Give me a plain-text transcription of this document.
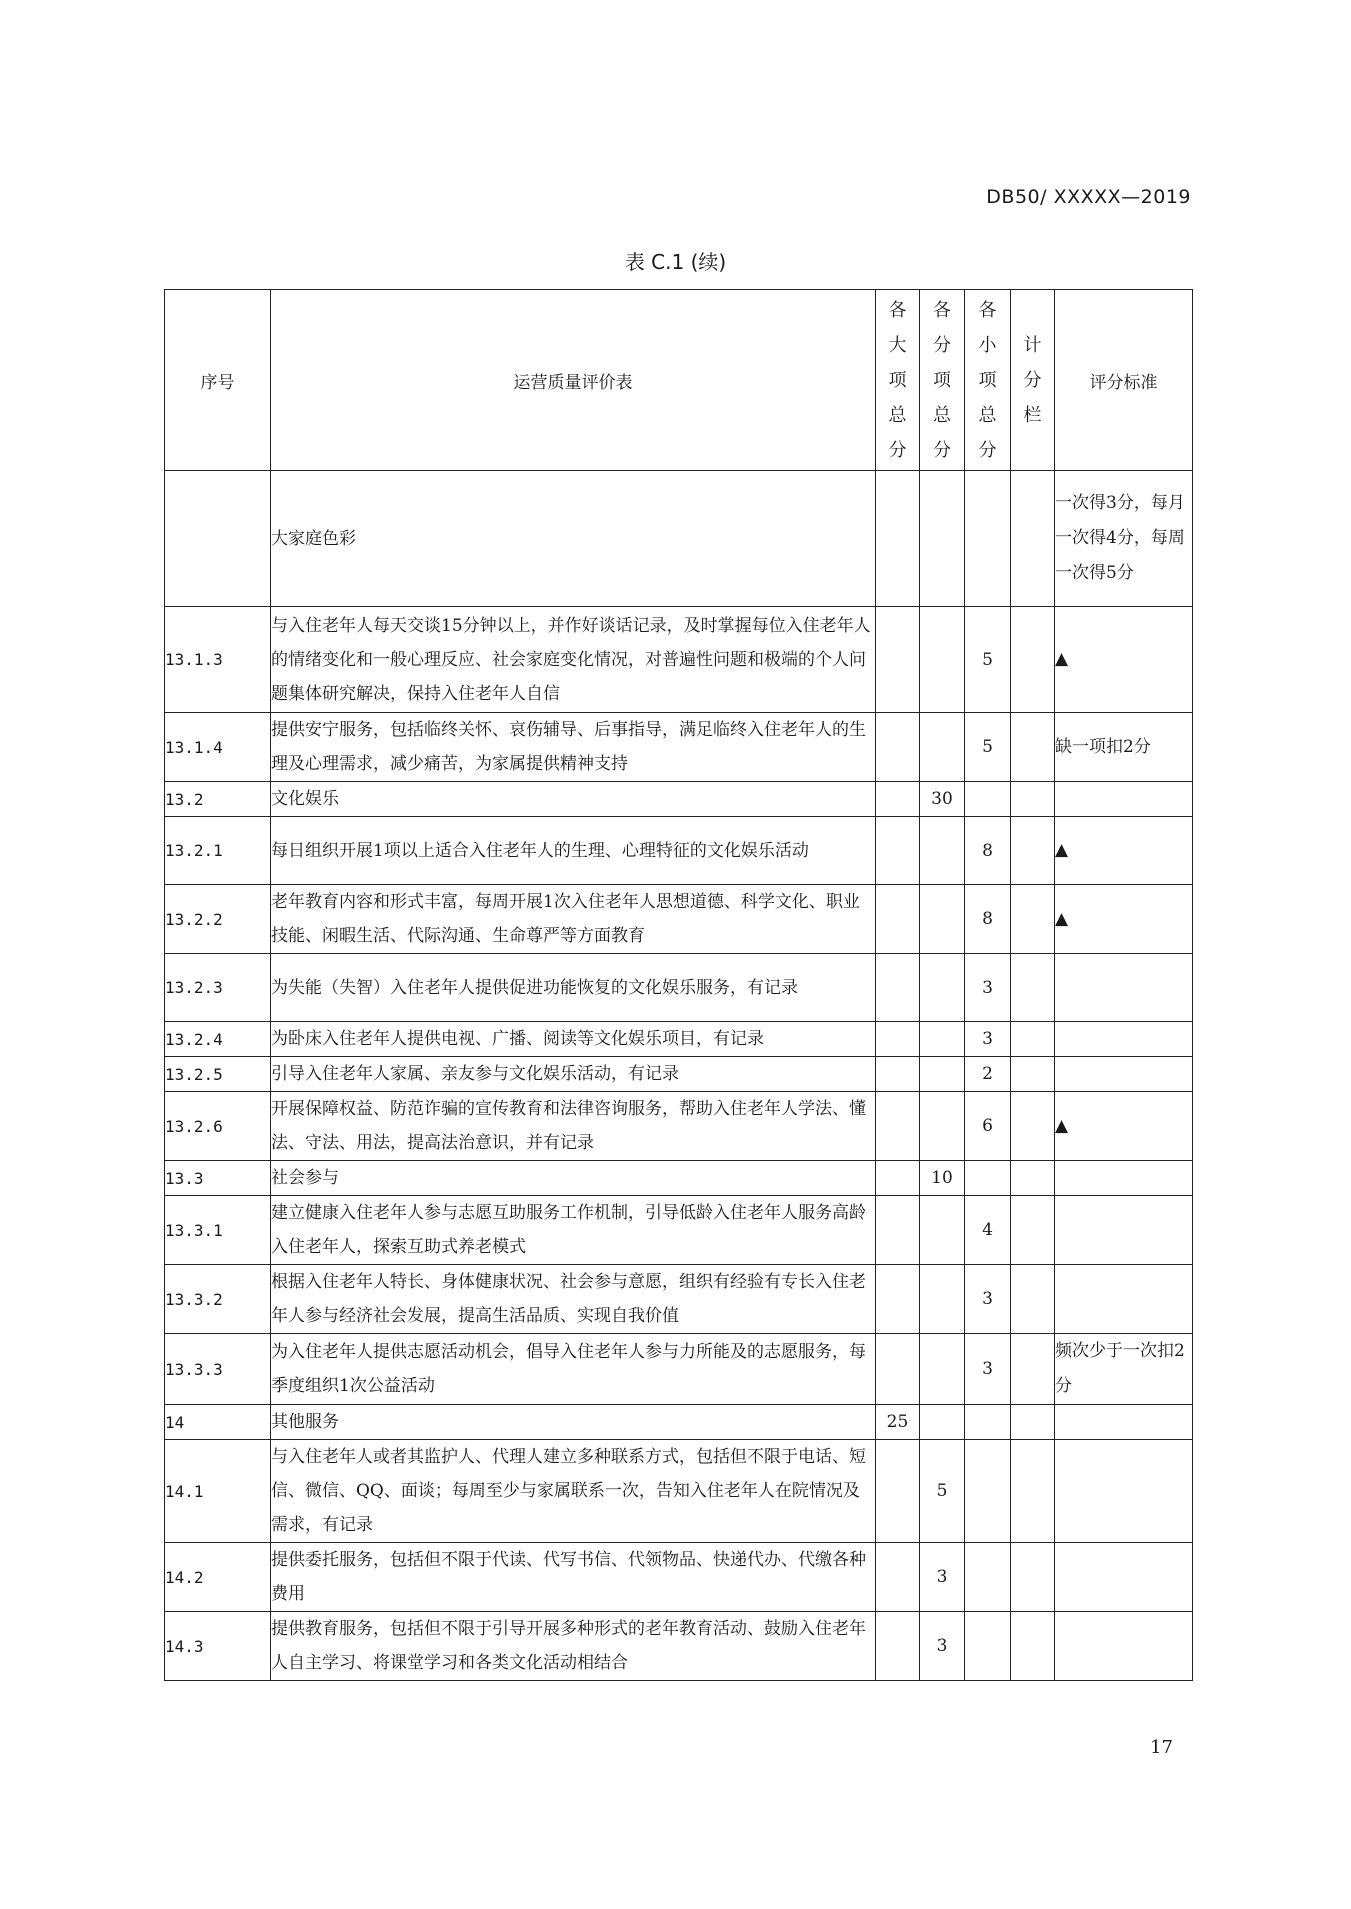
DB50/ XXXXX—2019
表 C.1 (续)
序号	运营质量评价表	各大项总分	各分项总分	各小项总分	计分栏	评分标准
	大家庭色彩					一次得3分，每月一次得4分，每周一次得5分
13.1.3	与入住老年人每天交谈15分钟以上，并作好谈话记录，及时掌握每位入住老年人的情绪变化和一般心理反应、社会家庭变化情况，对普遍性问题和极端的个人问题集体研究解决，保持入住老年人自信			5		▲
13.1.4	提供安宁服务，包括临终关怀、哀伤辅导、后事指导，满足临终入住老年人的生理及心理需求，减少痛苦，为家属提供精神支持			5		缺一项扣2分
13.2	文化娱乐		30			
13.2.1	每日组织开展1项以上适合入住老年人的生理、心理特征的文化娱乐活动			8		▲
13.2.2	老年教育内容和形式丰富，每周开展1次入住老年人思想道德、科学文化、职业技能、闲暇生活、代际沟通、生命尊严等方面教育			8		▲
13.2.3	为失能（失智）入住老年人提供促进功能恢复的文化娱乐服务，有记录			3		
13.2.4	为卧床入住老年人提供电视、广播、阅读等文化娱乐项目，有记录			3		
13.2.5	引导入住老年人家属、亲友参与文化娱乐活动，有记录			2		
13.2.6	开展保障权益、防范诈骗的宣传教育和法律咨询服务，帮助入住老年人学法、懂法、守法、用法，提高法治意识，并有记录			6		▲
13.3	社会参与		10			
13.3.1	建立健康入住老年人参与志愿互助服务工作机制，引导低龄入住老年人服务高龄入住老年人，探索互助式养老模式			4		
13.3.2	根据入住老年人特长、身体健康状况、社会参与意愿，组织有经验有专长入住老年人参与经济社会发展，提高生活品质、实现自我价值			3		
13.3.3	为入住老年人提供志愿活动机会，倡导入住老年人参与力所能及的志愿服务，每季度组织1次公益活动			3		频次少于一次扣2分
14	其他服务	25				
14.1	与入住老年人或者其监护人、代理人建立多种联系方式，包括但不限于电话、短信、微信、QQ、面谈；每周至少与家属联系一次，告知入住老年人在院情况及需求，有记录		5			
14.2	提供委托服务，包括但不限于代读、代写书信、代领物品、快递代办、代缴各种费用		3			
14.3	提供教育服务，包括但不限于引导开展多种形式的老年教育活动、鼓励入住老年人自主学习、将课堂学习和各类文化活动相结合		3			
17
